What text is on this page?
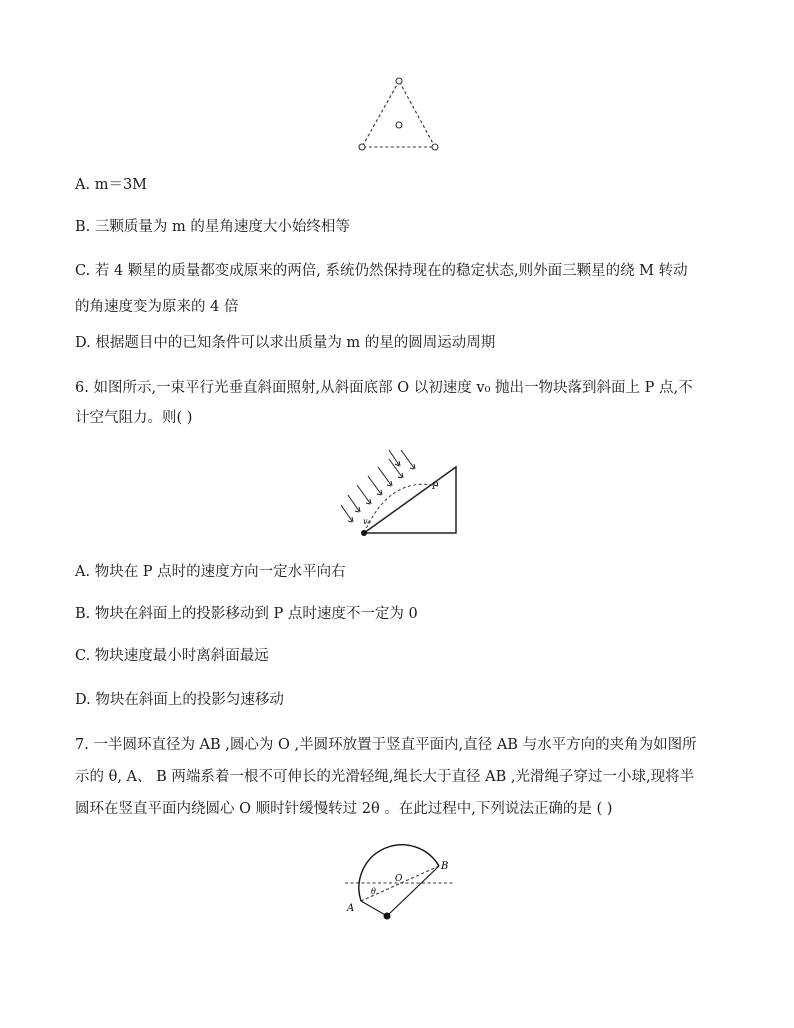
A. m＝3M
B. 三颗质量为 m 的星角速度大小始终相等
C. 若 4 颗星的质量都变成原来的两倍, 系统仍然保持现在的稳定状态,则外面三颗星的绕 M 转动
的角速度变为原来的 4 倍
D. 根据题目中的已知条件可以求出质量为 m 的星的圆周运动周期
6. 如图所示,一束平行光垂直斜面照射,从斜面底部 O 以初速度 v₀ 抛出一物块落到斜面上 P 点,不
计空气阻力。则( )
P
v₀
A. 物块在 P 点时的速度方向一定水平向右
B. 物块在斜面上的投影移动到 P 点时速度不一定为 0
C. 物块速度最小时离斜面最远
D. 物块在斜面上的投影匀速移动
7. 一半圆环直径为 AB ,圆心为 O ,半圆环放置于竖直平面内,直径 AB 与水平方向的夹角为如图所
示的 θ, A、 B 两端系着一根不可伸长的光滑轻绳,绳长大于直径 AB ,光滑绳子穿过一小球,现将半
圆环在竖直平面内绕圆心 O 顺时针缓慢转过 2θ 。在此过程中,下列说法正确的是 ( )
A
B
O
θ
